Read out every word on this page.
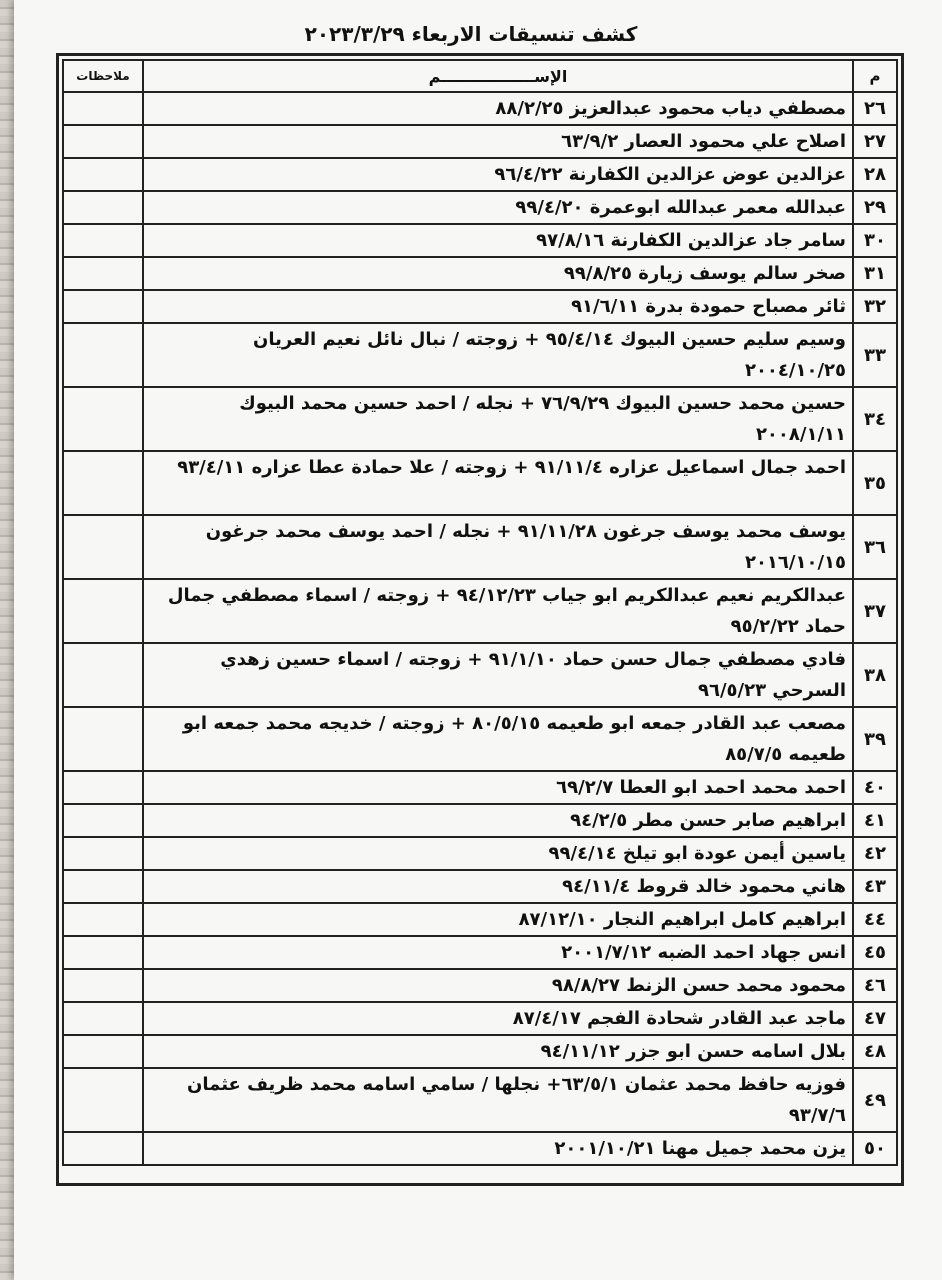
كشف تنسيقات الاربعاء ٢٠٢٣/٣/٢٩
م	الإســـــــــــــــــم	ملاحظات
٢٦	مصطفي دياب محمود عبدالعزيز ٨٨/٢/٢٥	
٢٧	اصلاح علي محمود العصار ٦٣/٩/٢	
٢٨	عزالدين عوض عزالدين الكفارنة ٩٦/٤/٢٢	
٢٩	عبدالله معمر عبدالله ابوعمرة ٩٩/٤/٢٠	
٣٠	سامر جاد عزالدين الكفارنة ٩٧/٨/١٦	
٣١	صخر سالم يوسف زيارة ٩٩/٨/٢٥	
٣٢	ثائر مصباح حمودة بدرة ٩١/٦/١١	
٣٣	وسيم سليم حسين البيوك ٩٥/٤/١٤ + زوجته / نبال نائل نعيم العريان ٢٠٠٤/١٠/٢٥	
٣٤	حسين محمد حسين البيوك ٧٦/٩/٢٩ + نجله / احمد حسين محمد البيوك ٢٠٠٨/١/١١	
٣٥	احمد جمال اسماعيل عزاره ٩١/١١/٤ + زوجته / علا حمادة عطا عزاره ٩٣/٤/١١	
٣٦	يوسف محمد يوسف جرغون ٩١/١١/٢٨ + نجله / احمد يوسف محمد جرغون ٢٠١٦/١٠/١٥	
٣٧	عبدالكريم نعيم عبدالكريم ابو جياب ٩٤/١٢/٢٣ + زوجته / اسماء مصطفي جمال حماد ٩٥/٢/٢٢	
٣٨	فادي مصطفي جمال حسن حماد ٩١/١/١٠ + زوجته / اسماء حسين زهدي السرحي ٩٦/٥/٢٣	
٣٩	مصعب عبد القادر جمعه ابو طعيمه ٨٠/٥/١٥ + زوجته / خديجه محمد جمعه ابو طعيمه ٨٥/٧/٥	
٤٠	احمد محمد احمد ابو العطا ٦٩/٢/٧	
٤١	ابراهيم صابر حسن مطر ٩٤/٢/٥	
٤٢	ياسين أيمن عودة ابو تيلخ ٩٩/٤/١٤	
٤٣	هاني محمود خالد قروط ٩٤/١١/٤	
٤٤	ابراهيم كامل ابراهيم النجار ٨٧/١٢/١٠	
٤٥	انس جهاد احمد الضبه ٢٠٠١/٧/١٢	
٤٦	محمود محمد حسن الزنط ٩٨/٨/٢٧	
٤٧	ماجد عبد القادر شحادة الفجم ٨٧/٤/١٧	
٤٨	بلال اسامه حسن ابو جزر ٩٤/١١/١٢	
٤٩	فوزيه حافظ محمد عثمان ٦٣/٥/١+ نجلها / سامي اسامه محمد ظريف عثمان ٩٣/٧/٦	
٥٠	يزن محمد جميل مهنا ٢٠٠١/١٠/٢١	
